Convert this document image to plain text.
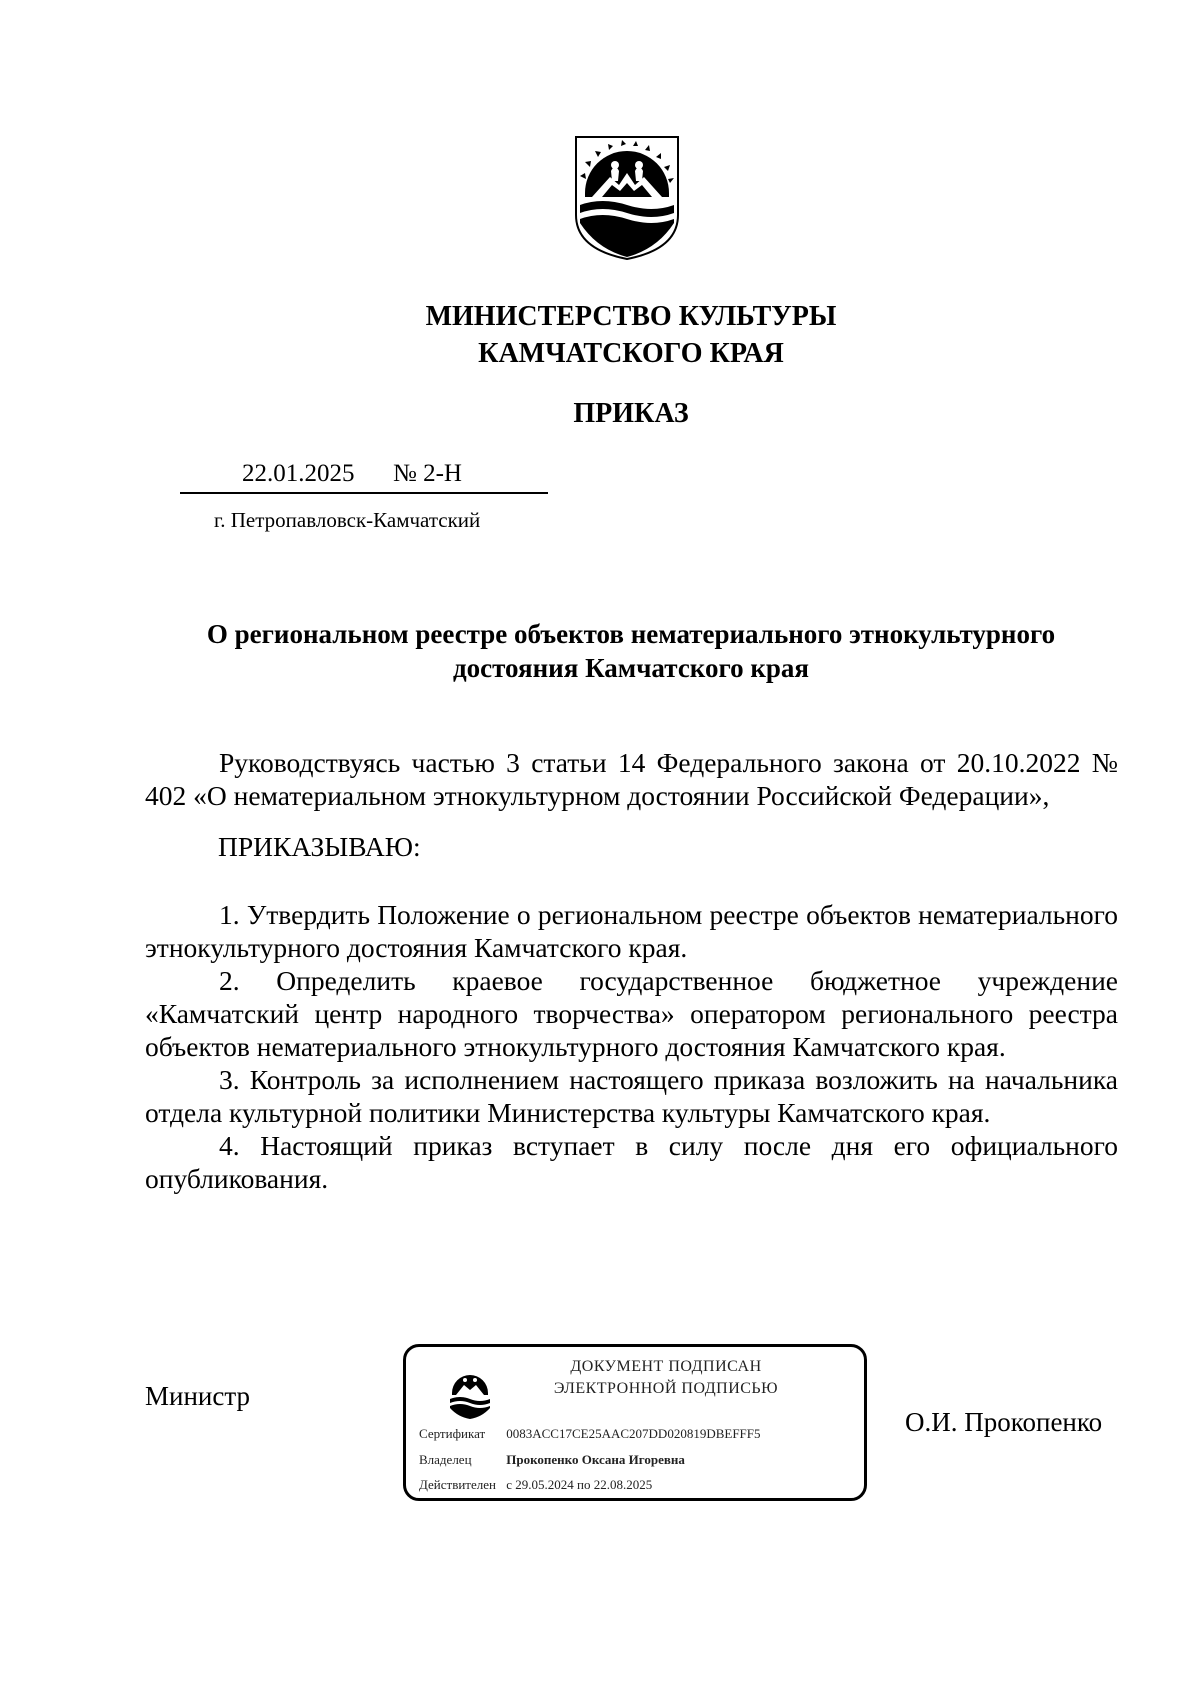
МИНИСТЕРСТВО КУЛЬТУРЫ
КАМЧАТСКОГО КРАЯ
ПРИКАЗ
22.01.2025 № 2-Н
г. Петропавловск-Камчатский
О региональном реестре объектов нематериального этнокультурного
достояния Камчатского края
Руководствуясь частью 3 статьи 14 Федерального закона от 20.10.2022 № 402 «О нематериальном этнокультурном достоянии Российской Федерации»,
ПРИКАЗЫВАЮ:

1. Утвердить Положение о региональном реестре объектов нематериального этнокультурного достояния Камчатского края.

2. Определить краевое государственное бюджетное учреждение «Камчатский центр народного творчества» оператором регионального реестра объектов нематериального этнокультурного достояния Камчатского края.

3. Контроль за исполнением настоящего приказа возложить на начальника отдела культурной политики Министерства культуры Камчатского края.

4. Настоящий приказ вступает в силу после дня его официального опубликования.

Министр
ДОКУМЕНТ ПОДПИСАН
ЭЛЕКТРОННОЙ ПОДПИСЬЮ
Сертификат 0083ACC17CE25AAC207DD020819DBEFFF5
Владелец	Прокопенко Оксана Игоревна
Действителен с 29.05.2024 по 22.08.2025
О.И. Прокопенко
